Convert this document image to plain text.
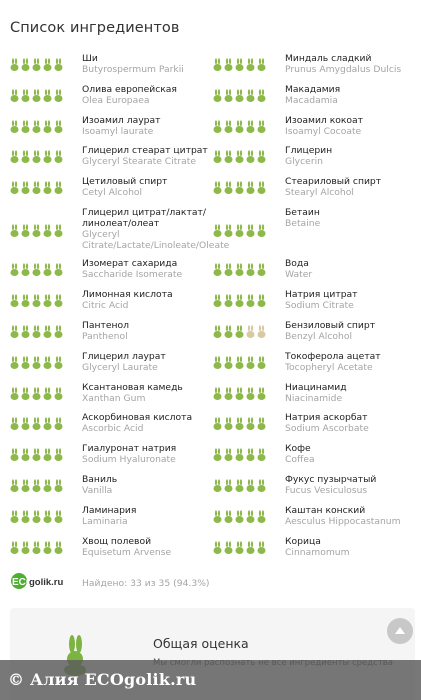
Список ингредиентов
Ши
Butyrospermum Parkii
Миндаль сладкий
Prunus Amygdalus Dulcis
Олива европейская
Olea Europaea
Макадамия
Macadamia
Изоамил лаурат
Isoamyl laurate
Изоамил кокоат
Isoamyl Cocoate
Глицерил стеарат цитрат
Glyceryl Stearate Citrate
Глицерин
Glycerin
Цетиловый спирт
Cetyl Alcohol
Стеариловый спирт
Stearyl Alcohol
Глицерил цитрат/лактат/линолеат/олеат
Glyceryl Citrate/Lactate/Linoleate/Oleate
Бетаин
Betaine
Изомерат сахарида
Saccharide Isomerate
Вода
Water
Лимонная кислота
Citric Acid
Натрия цитрат
Sodium Citrate
Пантенол
Panthenol
Бензиловый спирт
Benzyl Alcohol
Глицерил лаурат
Glyceryl Laurate
Токоферола ацетат
Tocopheryl Acetate
Ксантановая камедь
Xanthan Gum
Ниацинамид
Niacinamide
Аскорбиновая кислота
Ascorbic Acid
Натрия аскорбат
Sodium Ascorbate
Гиалуронат натрия
Sodium Hyaluronate
Кофе
Coffea
Ваниль
Vanilla
Фукус пузырчатый
Fucus Vesiculosus
Ламинария
Laminaria
Каштан конский
Aesculus Hippocastanum
Хвощ полевой
Equisetum Arvense
Корица
Cinnamomum
ECO
golik.ru Найдено: 33 из 35 (94.3%)
Общая оценка
© Алия ECOgolik.ru
